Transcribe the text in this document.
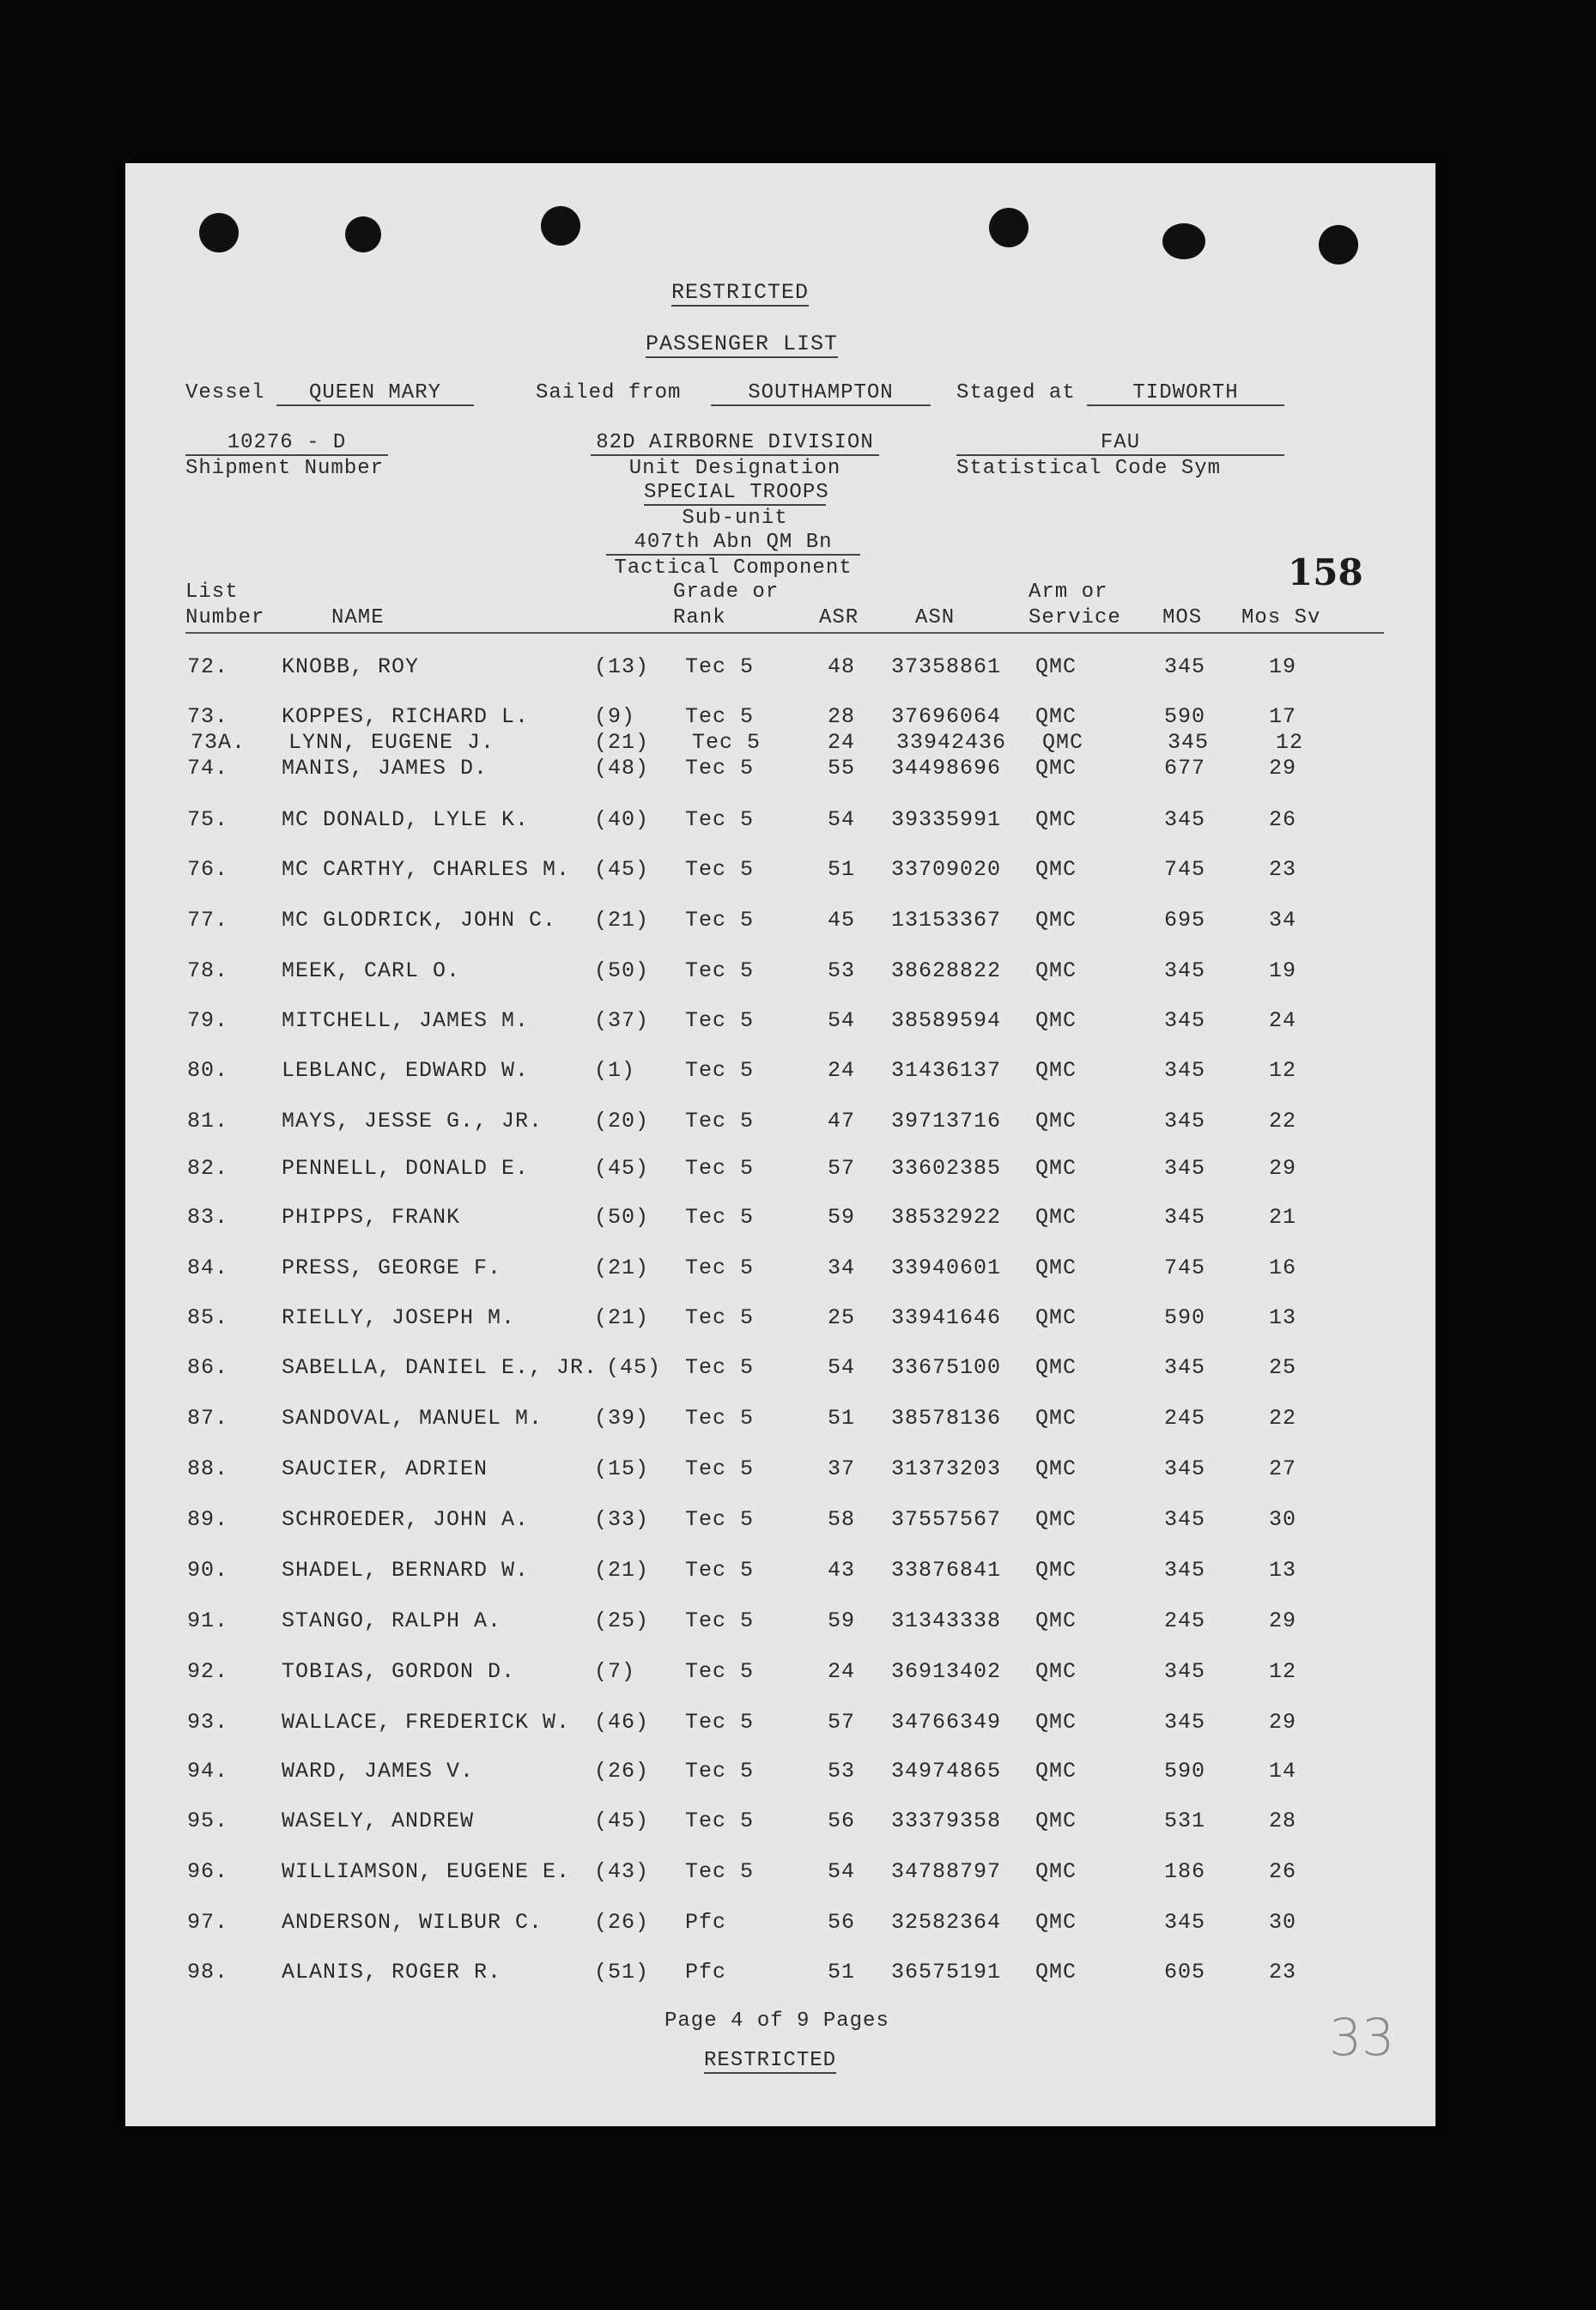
RESTRICTED
PASSENGER LIST
Vessel	QUEEN MARY	Sailed from	SOUTHAMPTON	Staged at	TIDWORTH
10276 - D
Shipment Number
82D AIRBORNE DIVISION
Unit Designation
SPECIAL TROOPS
Sub-unit
407th Abn QM Bn
Tactical Component
FAU
Statistical Code Sym
158
List
Number	NAME
Grade or
Rank	ASR	ASN
Arm or
Service MOS Mos Sv
72. KNOBB, ROY	(13) Tec 5	48	37358861 QMC	345	19
73. KOPPES, RICHARD L.	(9) Tec 5	28	37696064 QMC	590	17
73A. LYNN, EUGENE J.	(21) Tec 5	24	33942436 QMC	345	12
74. MANIS, JAMES D.	(48) Tec 5	55	34498696 QMC	677	29
75. MC DONALD, LYLE K.	(40) Tec 5	54	39335991 QMC	345	26
76. MC CARTHY, CHARLES M. (45) Tec 5	51	33709020 QMC	745	23
77. MC GLODRICK, JOHN C. (21) Tec 5	45	13153367 QMC	695	34
78. MEEK, CARL O.	(50) Tec 5	53	38628822 QMC	345	19
79. MITCHELL, JAMES M.	(37) Tec 5	54	38589594 QMC	345	24
80. LEBLANC, EDWARD W.	(1) Tec 5	24	31436137 QMC	345	12
81. MAYS, JESSE G., JR. (20) Tec 5	47	39713716 QMC	345	22
82. PENNELL, DONALD E.	(45) Tec 5	57	33602385 QMC	345	29
83. PHIPPS, FRANK	(50) Tec 5	59	38532922 QMC	345	21
84. PRESS, GEORGE F.	(21) Tec 5	34	33940601 QMC	745	16
85. RIELLY, JOSEPH M.	(21) Tec 5	25	33941646 QMC	590	13
86. SABELLA, DANIEL E., JR. (45) Tec 5	54	33675100 QMC	345	25
87. SANDOVAL, MANUEL M. (39) Tec 5	51	38578136 QMC	245	22
88. SAUCIER, ADRIEN	(15) Tec 5	37	31373203 QMC	345	27
89. SCHROEDER, JOHN A.	(33) Tec 5	58	37557567 QMC	345	30
90. SHADEL, BERNARD W.	(21) Tec 5	43	33876841 QMC	345	13
91. STANGO, RALPH A.	(25) Tec 5	59	31343338 QMC	245	29
92. TOBIAS, GORDON D.	(7) Tec 5	24	36913402 QMC	345	12
93. WALLACE, FREDERICK W. (46) Tec 5	57	34766349 QMC	345	29
94. WARD, JAMES V.	(26) Tec 5	53	34974865 QMC	590	14
95. WASELY, ANDREW	(45) Tec 5	56	33379358 QMC	531	28
96. WILLIAMSON, EUGENE E. (43) Tec 5	54	34788797 QMC	186	26
97. ANDERSON, WILBUR C. (26) Pfc	56	32582364 QMC	345	30
98. ALANIS, ROGER R.	(51) Pfc	51	36575191 QMC	605	23
Page 4 of 9 Pages
RESTRICTED	33
